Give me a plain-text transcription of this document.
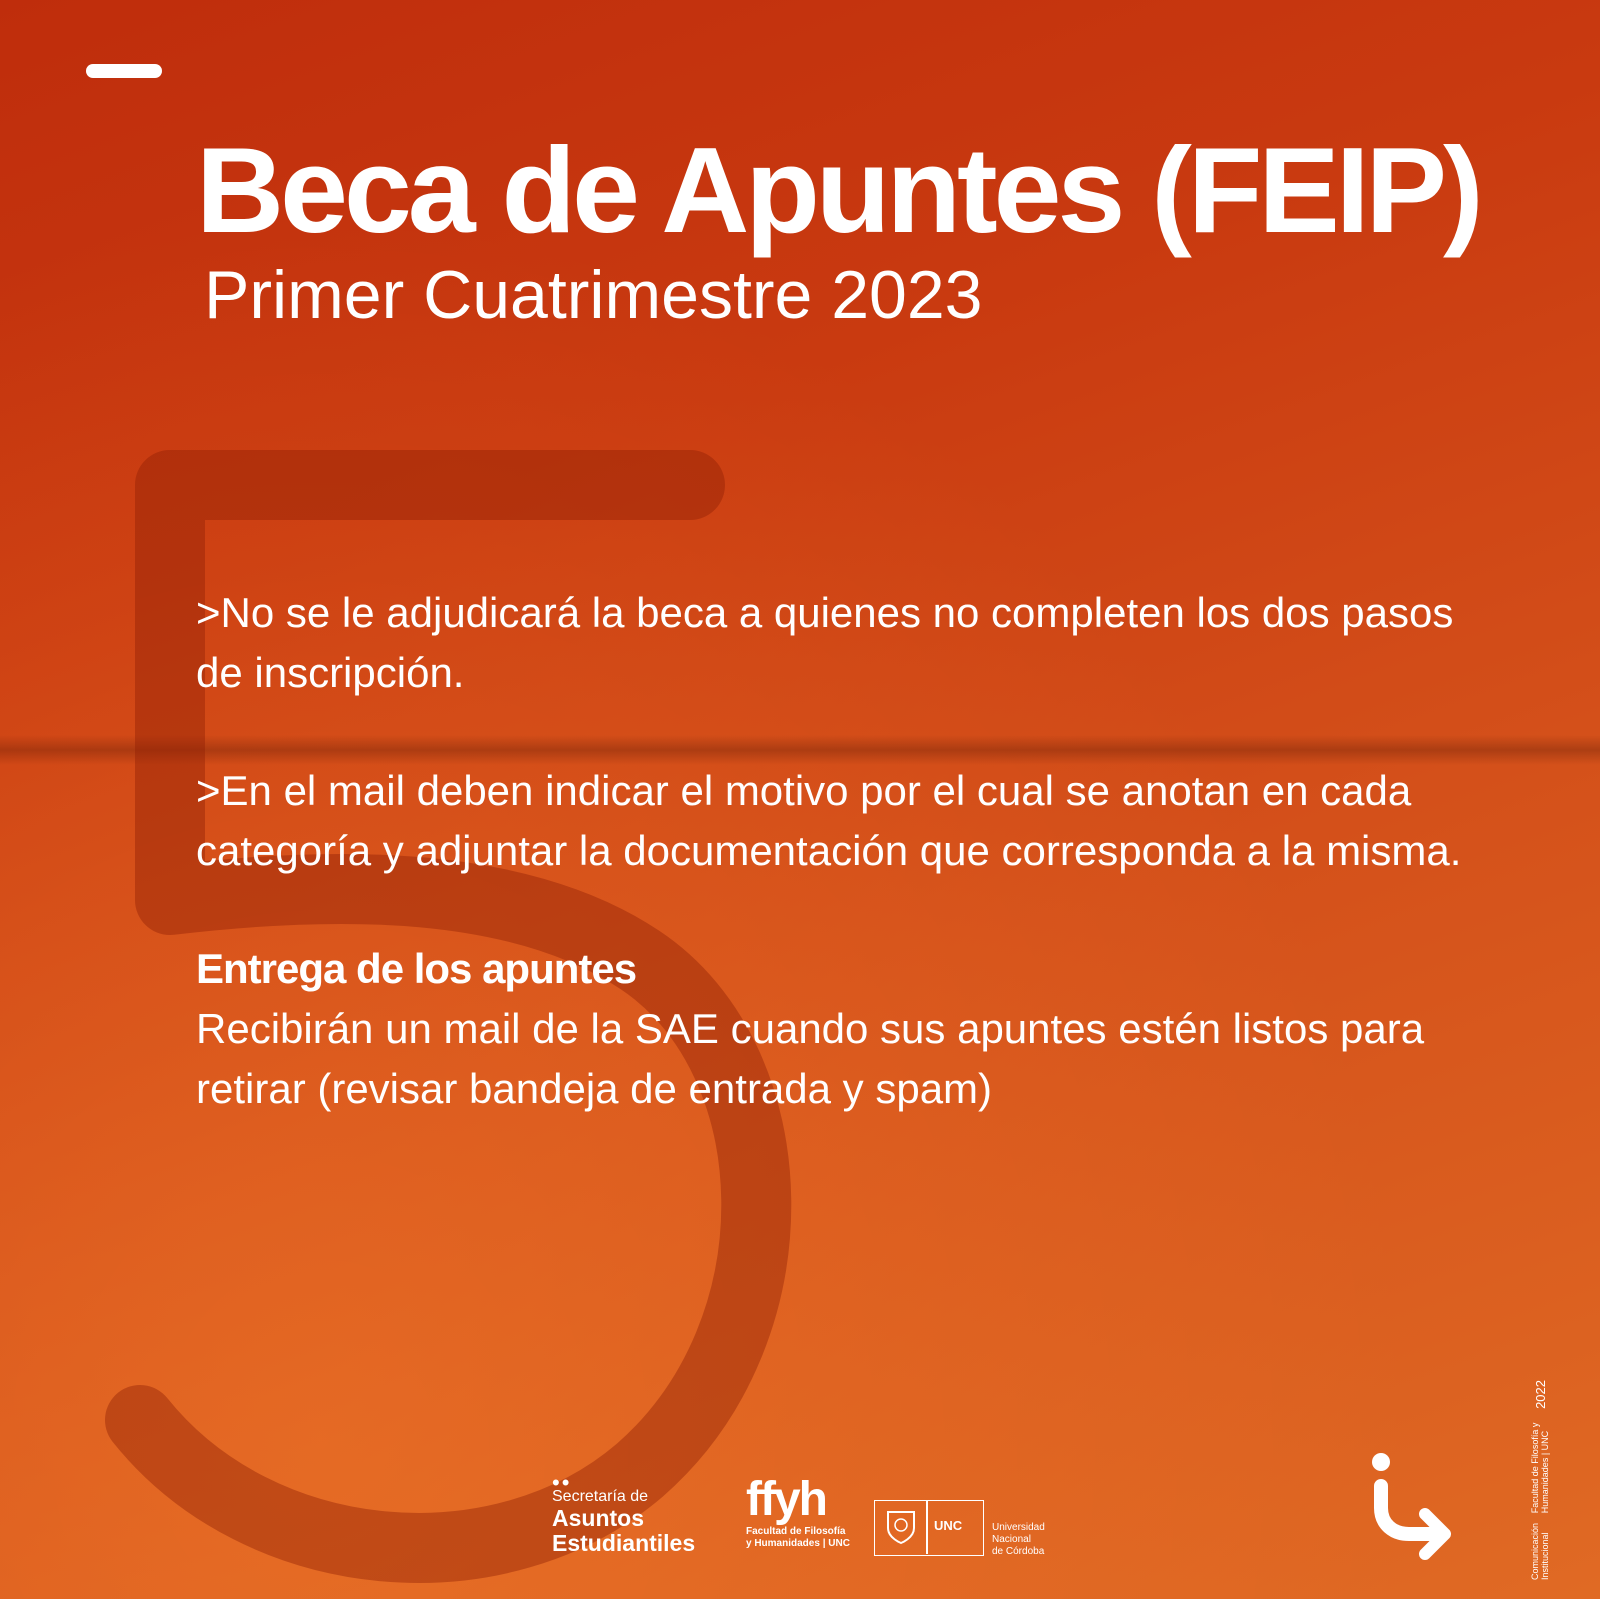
Beca de Apuntes (FEIP)
Primer Cuatrimestre 2023

>No se le adjudicará la beca a quienes no completen los dos pasos de inscripción.

>En el mail deben indicar el motivo por el cual se anotan en cada categoría y adjuntar la documentación que corresponda a la misma.

Entrega de los apuntes

Recibirán un mail de la SAE cuando sus apuntes estén listos para retirar (revisar bandeja de entrada y spam)

••
Secretaría de
Asuntos
Estudiantiles
ffyh
Facultad de Filosofía
y Humanidades | UNC
UNC	Universidad
Nacional
de Córdoba	Comunicación Institucional
Facultad de Filosofía y Humanidades | UNC
2022
